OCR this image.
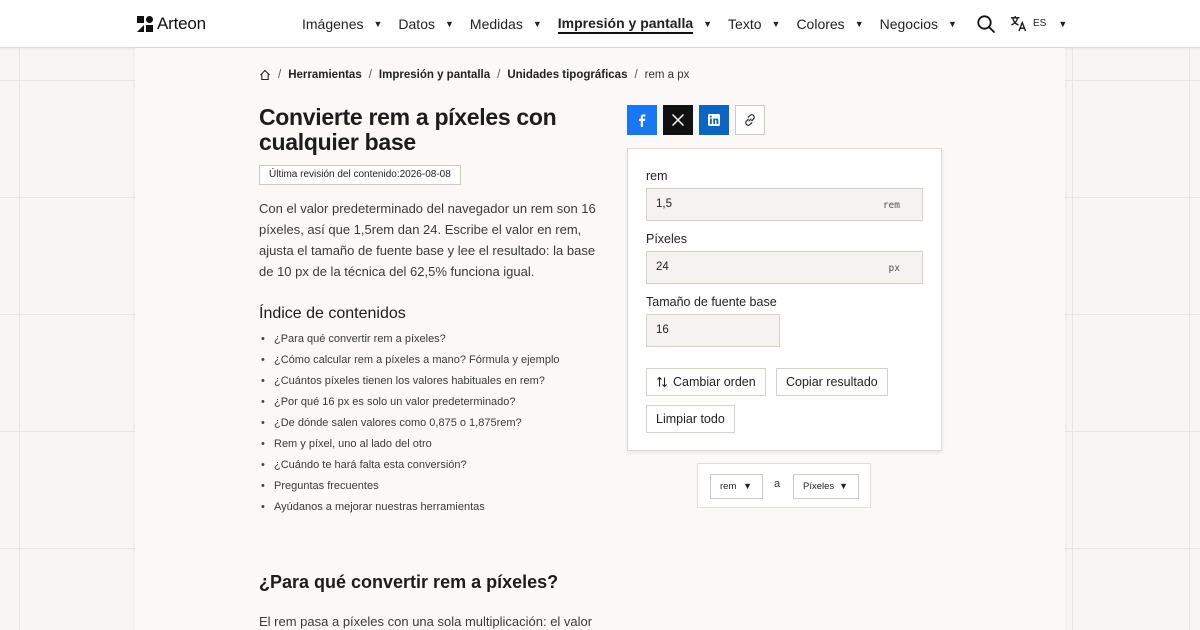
Arteon	Imágenes ▼ Datos ▼ Medidas ▼ Impresión y pantalla ▼ Texto ▼ Colores ▼ Negocios ▼	ES ▼
/ Herramientas / Impresión y pantalla / Unidades tipográficas / rem a px
Convierte rem a píxeles con cualquier base
Última revisión del contenido:2026-08-08

Con el valor predeterminado del navegador un rem son 16 píxeles, así que 1,5rem dan 24. Escribe el valor en rem, ajusta el tamaño de fuente base y lee el resultado: la base de 10 px de la técnica del 62,5% funciona igual.

Índice de contenidos
• ¿Para qué convertir rem a píxeles?
• ¿Cómo calcular rem a píxeles a mano? Fórmula y ejemplo
• ¿Cuántos píxeles tienen los valores habituales en rem?
• ¿Por qué 16 px es solo un valor predeterminado?
• ¿De dónde salen valores como 0,875 o 1,875rem?
• Rem y píxel, uno al lado del otro
• ¿Cuándo te hará falta esta conversión?
• Preguntas frecuentes
• Ayúdanos a mejorar nuestras herramientas
¿Para qué convertir rem a píxeles?

El rem pasa a píxeles con una sola multiplicación: el valor

rem
1,5	rem
Píxeles
24	px
Tamaño de fuente base
16
Cambiar orden Copiar resultado
Limpiar todo
rem ▼ a	Píxeles ▼
